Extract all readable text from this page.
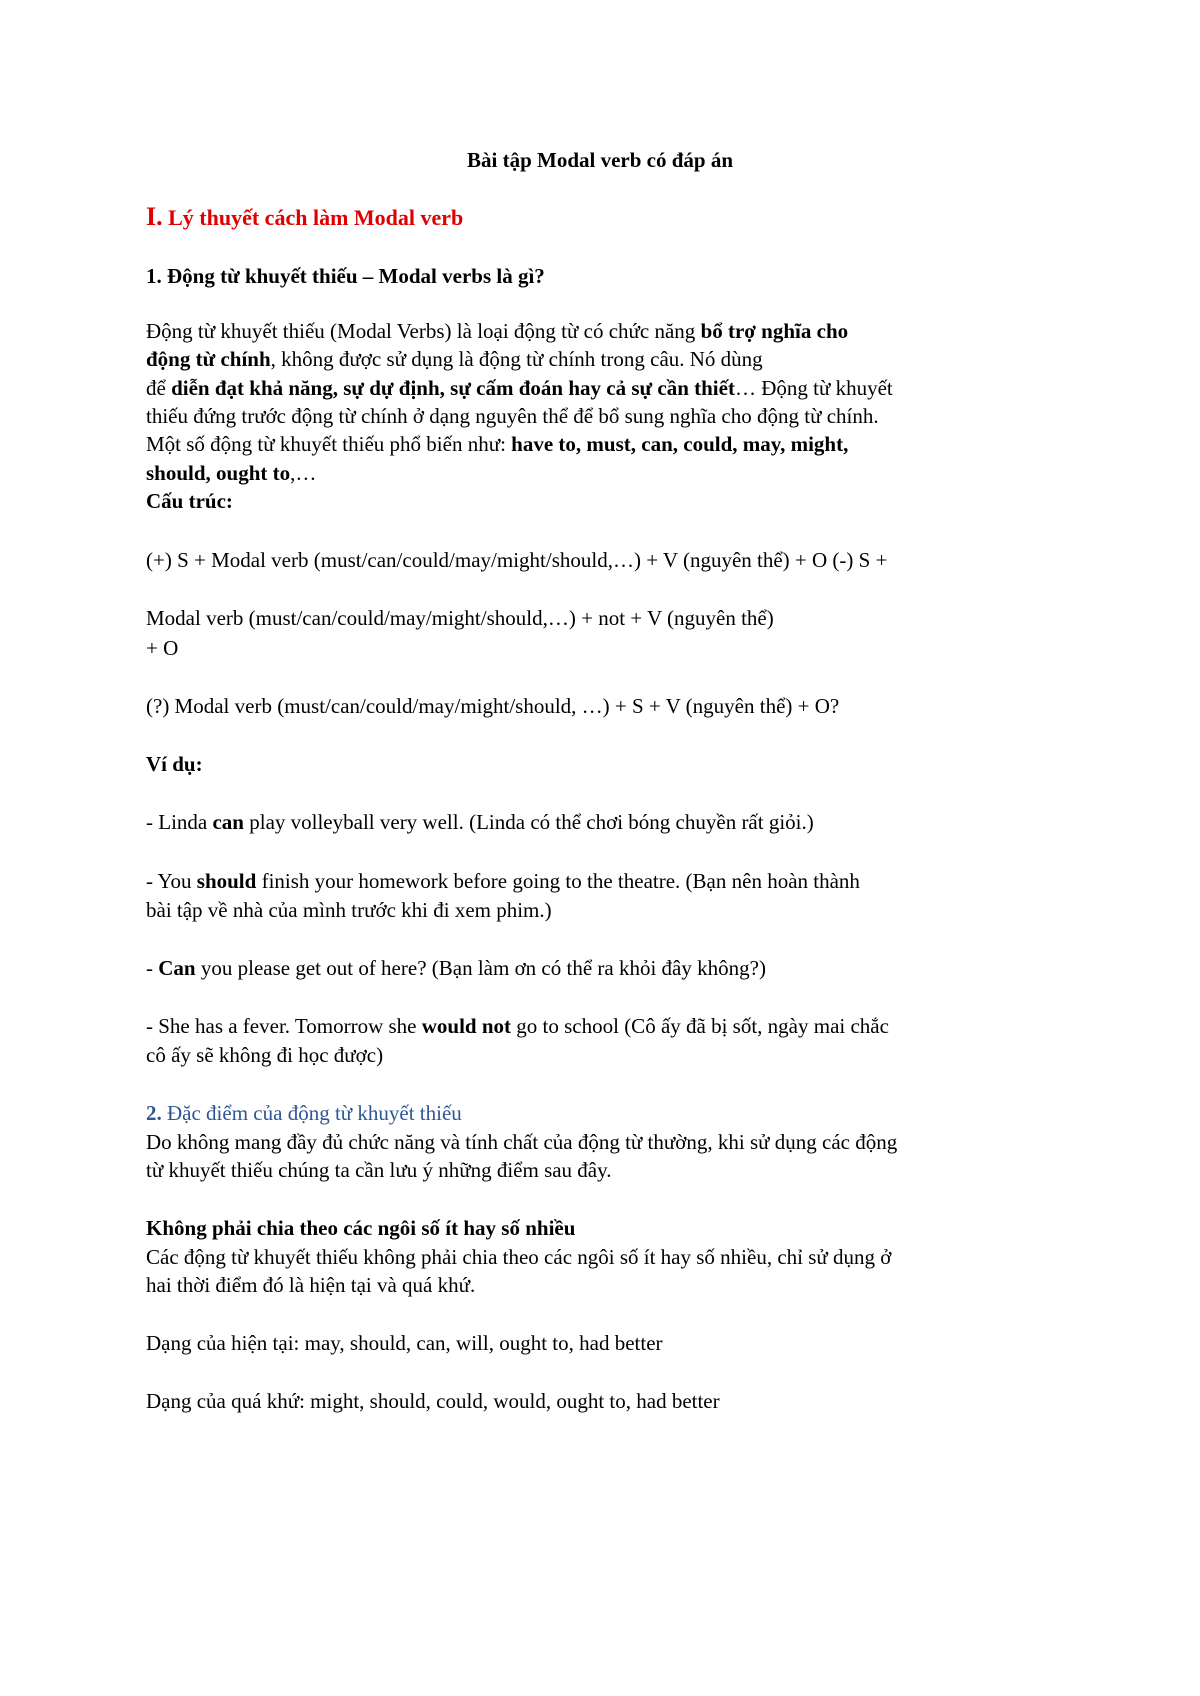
Bài tập Modal verb có đáp án
I. Lý thuyết cách làm Modal verb
1. Động từ khuyết thiếu – Modal verbs là gì?
Động từ khuyết thiếu (Modal Verbs) là loại động từ có chức năng bổ trợ nghĩa cho
động từ chính, không được sử dụng là động từ chính trong câu. Nó dùng
để diễn đạt khả năng, sự dự định, sự cấm đoán hay cả sự cần thiết… Động từ khuyết
thiếu đứng trước động từ chính ở dạng nguyên thể để bổ sung nghĩa cho động từ chính.
Một số động từ khuyết thiếu phổ biến như: have to, must, can, could, may, might,
should, ought to,…
Cấu trúc:
(+) S + Modal verb (must/can/could/may/might/should,…) + V (nguyên thể) + O (-) S +
Modal verb (must/can/could/may/might/should,…) + not + V (nguyên thể)
+ O
(?) Modal verb (must/can/could/may/might/should, …) + S + V (nguyên thể) + O?
Ví dụ:
- Linda can play volleyball very well. (Linda có thể chơi bóng chuyền rất giỏi.)
- You should finish your homework before going to the theatre. (Bạn nên hoàn thành
bài tập về nhà của mình trước khi đi xem phim.)
- Can you please get out of here? (Bạn làm ơn có thể ra khỏi đây không?)
- She has a fever. Tomorrow she would not go to school (Cô ấy đã bị sốt, ngày mai chắc
cô ấy sẽ không đi học được)
2. Đặc điểm của động từ khuyết thiếu
Do không mang đầy đủ chức năng và tính chất của động từ thường, khi sử dụng các động
từ khuyết thiếu chúng ta cần lưu ý những điểm sau đây.
Không phải chia theo các ngôi số ít hay số nhiều
Các động từ khuyết thiếu không phải chia theo các ngôi số ít hay số nhiều, chỉ sử dụng ở
hai thời điểm đó là hiện tại và quá khứ.
Dạng của hiện tại: may, should, can, will, ought to, had better
Dạng của quá khứ: might, should, could, would, ought to, had better
